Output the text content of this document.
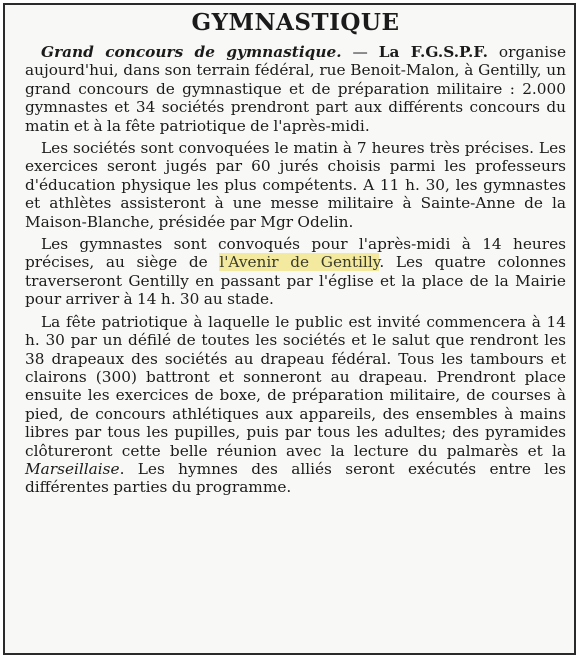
GYMNASTIQUE

Grand concours de gymnastique. — La F.G.S.P.F. organise aujourd'hui, dans son terrain fédéral, rue Benoit-Malon, à Gentilly, un grand concours de gymnastique et de préparation militaire : 2.000 gymnastes et 34 sociétés prendront part aux différents concours du matin et à la fête patriotique de l'après-midi.

Les sociétés sont convoquées le matin à 7 heures très précises. Les exercices seront jugés par 60 jurés choisis parmi les professeurs d'éducation physique les plus compétents. A 11 h. 30, les gymnastes et athlètes assisteront à une messe militaire à Sainte-Anne de la Maison-Blanche, présidée par Mgr Odelin.

Les gymnastes sont convoqués pour l'après-midi à 14 heures précises, au siège de l'Avenir de Gentilly. Les quatre colonnes traverseront Gentilly en passant par l'église et la place de la Mairie pour arriver à 14 h. 30 au stade.

La fête patriotique à laquelle le public est invité commencera à 14 h. 30 par un défilé de toutes les sociétés et le salut que rendront les 38 drapeaux des sociétés au drapeau fédéral. Tous les tambours et clairons (300) battront et sonneront au drapeau. Prendront place ensuite les exercices de boxe, de préparation militaire, de courses à pied, de concours athlétiques aux appareils, des ensembles à mains libres par tous les pupilles, puis par tous les adultes; des pyramides clôtureront cette belle réunion avec la lecture du palmarès et la Marseillaise. Les hymnes des alliés seront exécutés entre les différentes parties du programme.
